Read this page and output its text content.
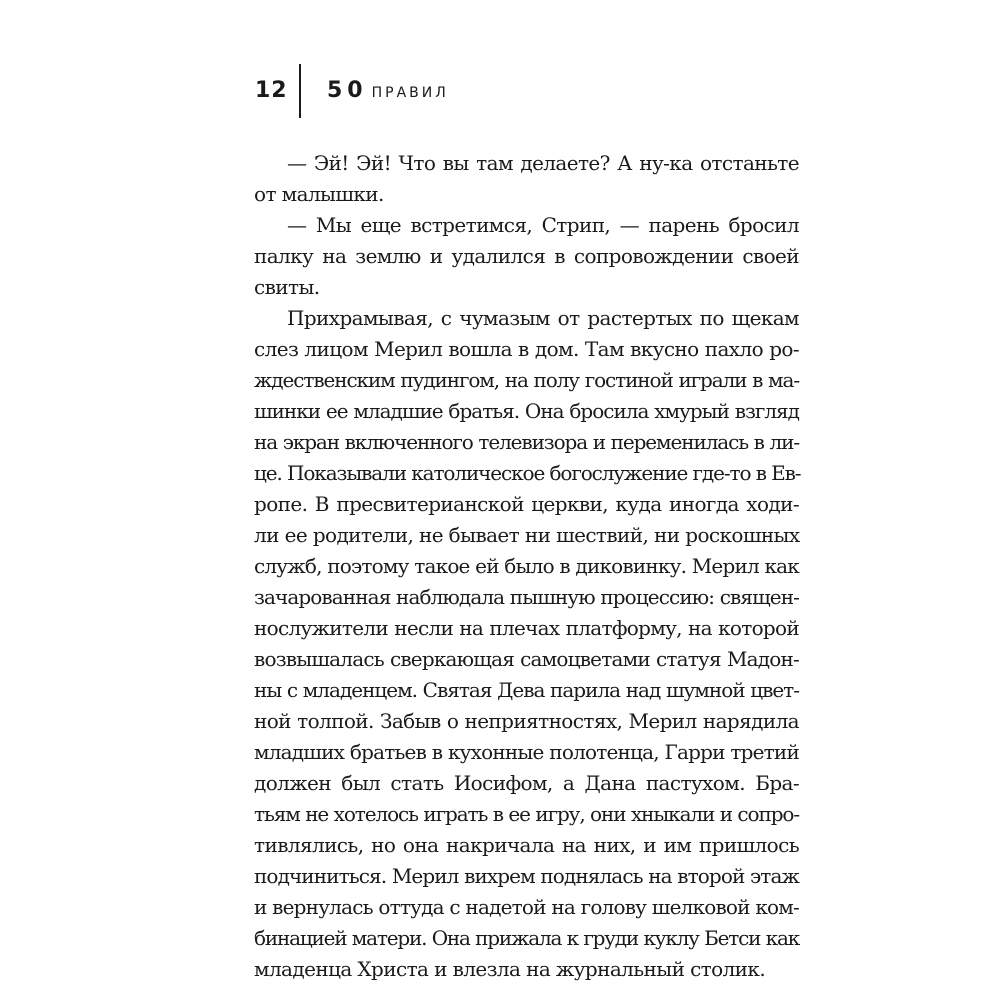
12 50 ПРАВИЛ
— Эй! Эй! Что вы там делаете? А ну-ка отстаньте
от малышки.
— Мы еще встретимся, Стрип, — парень бросил
палку на землю и удалился в сопровождении своей
свиты.
Прихрамывая, с чумазым от растертых по щекам
слез лицом Мерил вошла в дом. Там вкусно пахло ро-
ждественским пудингом, на полу гостиной играли в ма-
шинки ее младшие братья. Она бросила хмурый взгляд
на экран включенного телевизора и переменилась в ли-
це. Показывали католическое богослужение где-то в Ев-
ропе. В пресвитерианской церкви, куда иногда ходи-
ли ее родители, не бывает ни шествий, ни роскошных
служб, поэтому такое ей было в диковинку. Мерил как
зачарованная наблюдала пышную процессию: священ-
нослужители несли на плечах платформу, на которой
возвышалась сверкающая самоцветами статуя Мадон-
ны с младенцем. Святая Дева парила над шумной цвет-
ной толпой. Забыв о неприятностях, Мерил нарядила
младших братьев в кухонные полотенца, Гарри третий
должен был стать Иосифом, а Дана пастухом. Бра-
тьям не хотелось играть в ее игру, они хныкали и сопро-
тивлялись, но она накричала на них, и им пришлось
подчиниться. Мерил вихрем поднялась на второй этаж
и вернулась оттуда с надетой на голову шелковой ком-
бинацией матери. Она прижала к груди куклу Бетси как
младенца Христа и влезла на журнальный столик.
